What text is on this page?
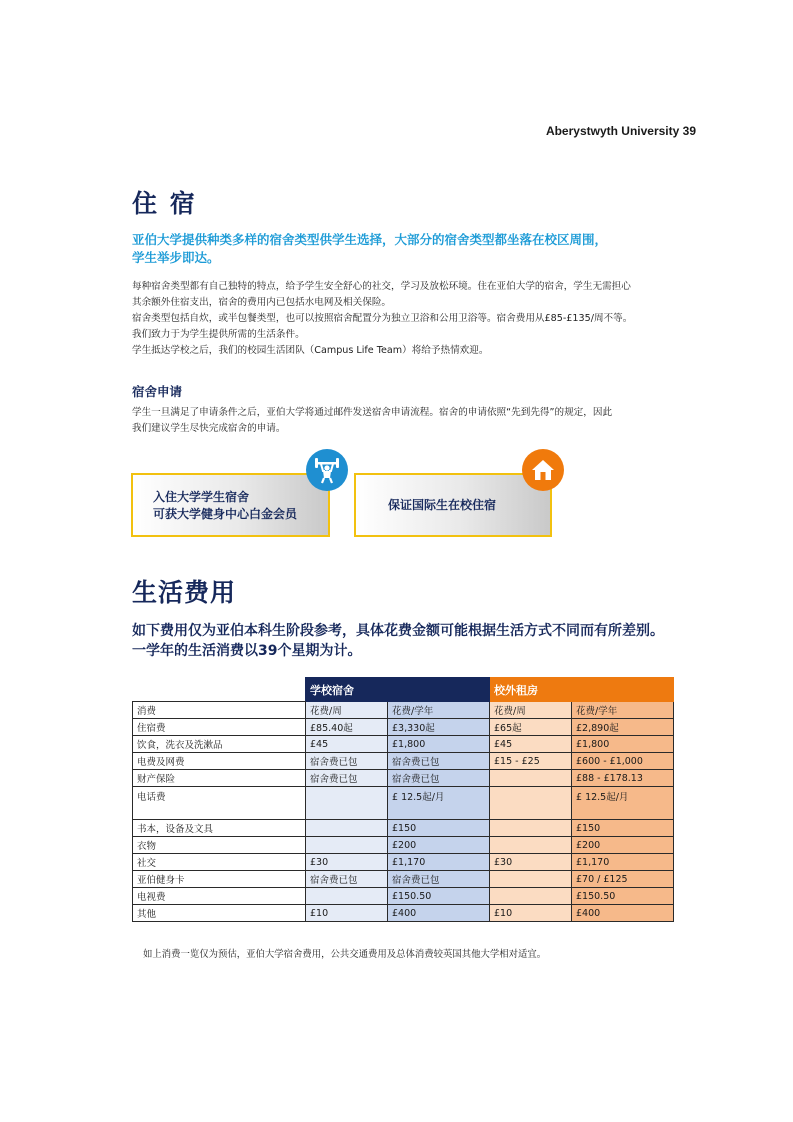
Aberystwyth University 39
住 宿
亚伯大学提供种类多样的宿舍类型供学生选择，大部分的宿舍类型都坐落在校区周围，
学生举步即达。
每种宿舍类型都有自己独特的特点，给予学生安全舒心的社交，学习及放松环境。住在亚伯大学的宿舍，学生无需担心
其余额外住宿支出，宿舍的费用内已包括水电网及相关保险。
宿舍类型包括自炊，或半包餐类型，也可以按照宿舍配置分为独立卫浴和公用卫浴等。宿舍费用从£85-£135/周不等。
我们致力于为学生提供所需的生活条件。
学生抵达学校之后，我们的校园生活团队（Campus Life Team）将给予热情欢迎。
宿舍申请
学生一旦满足了申请条件之后，亚伯大学将通过邮件发送宿舍申请流程。宿舍的申请依照“先到先得”的规定，因此
我们建议学生尽快完成宿舍的申请。
入住大学学生宿舍
可获大学健身中心白金会员
保证国际生在校住宿
生活费用
如下费用仅为亚伯本科生阶段参考，具体花费金额可能根据生活方式不同而有所差别。
一学年的生活消费以39个星期为计。
	学校宿舍		校外租房	
消费	花费/周	花费/学年	花费/周	花费/学年
住宿费	£85.40起	£3,330起	£65起	£2,890起
饮食，洗衣及洗漱品	£45	£1,800	£45	£1,800
电费及网费	宿舍费已包	宿舍费已包	£15 - £25	£600 - £1,000
财产保险	宿舍费已包	宿舍费已包		£88 - £178.13
电话费		£ 12.5起/月		£ 12.5起/月
书本，设备及文具		£150		£150
衣物		£200		£200
社交	£30	£1,170	£30	£1,170
亚伯健身卡	宿舍费已包	宿舍费已包		£70 / £125
电视费		£150.50		£150.50
其他	£10	£400	£10	£400
如上消费一览仅为预估，亚伯大学宿舍费用，公共交通费用及总体消费较英国其他大学相对适宜。
